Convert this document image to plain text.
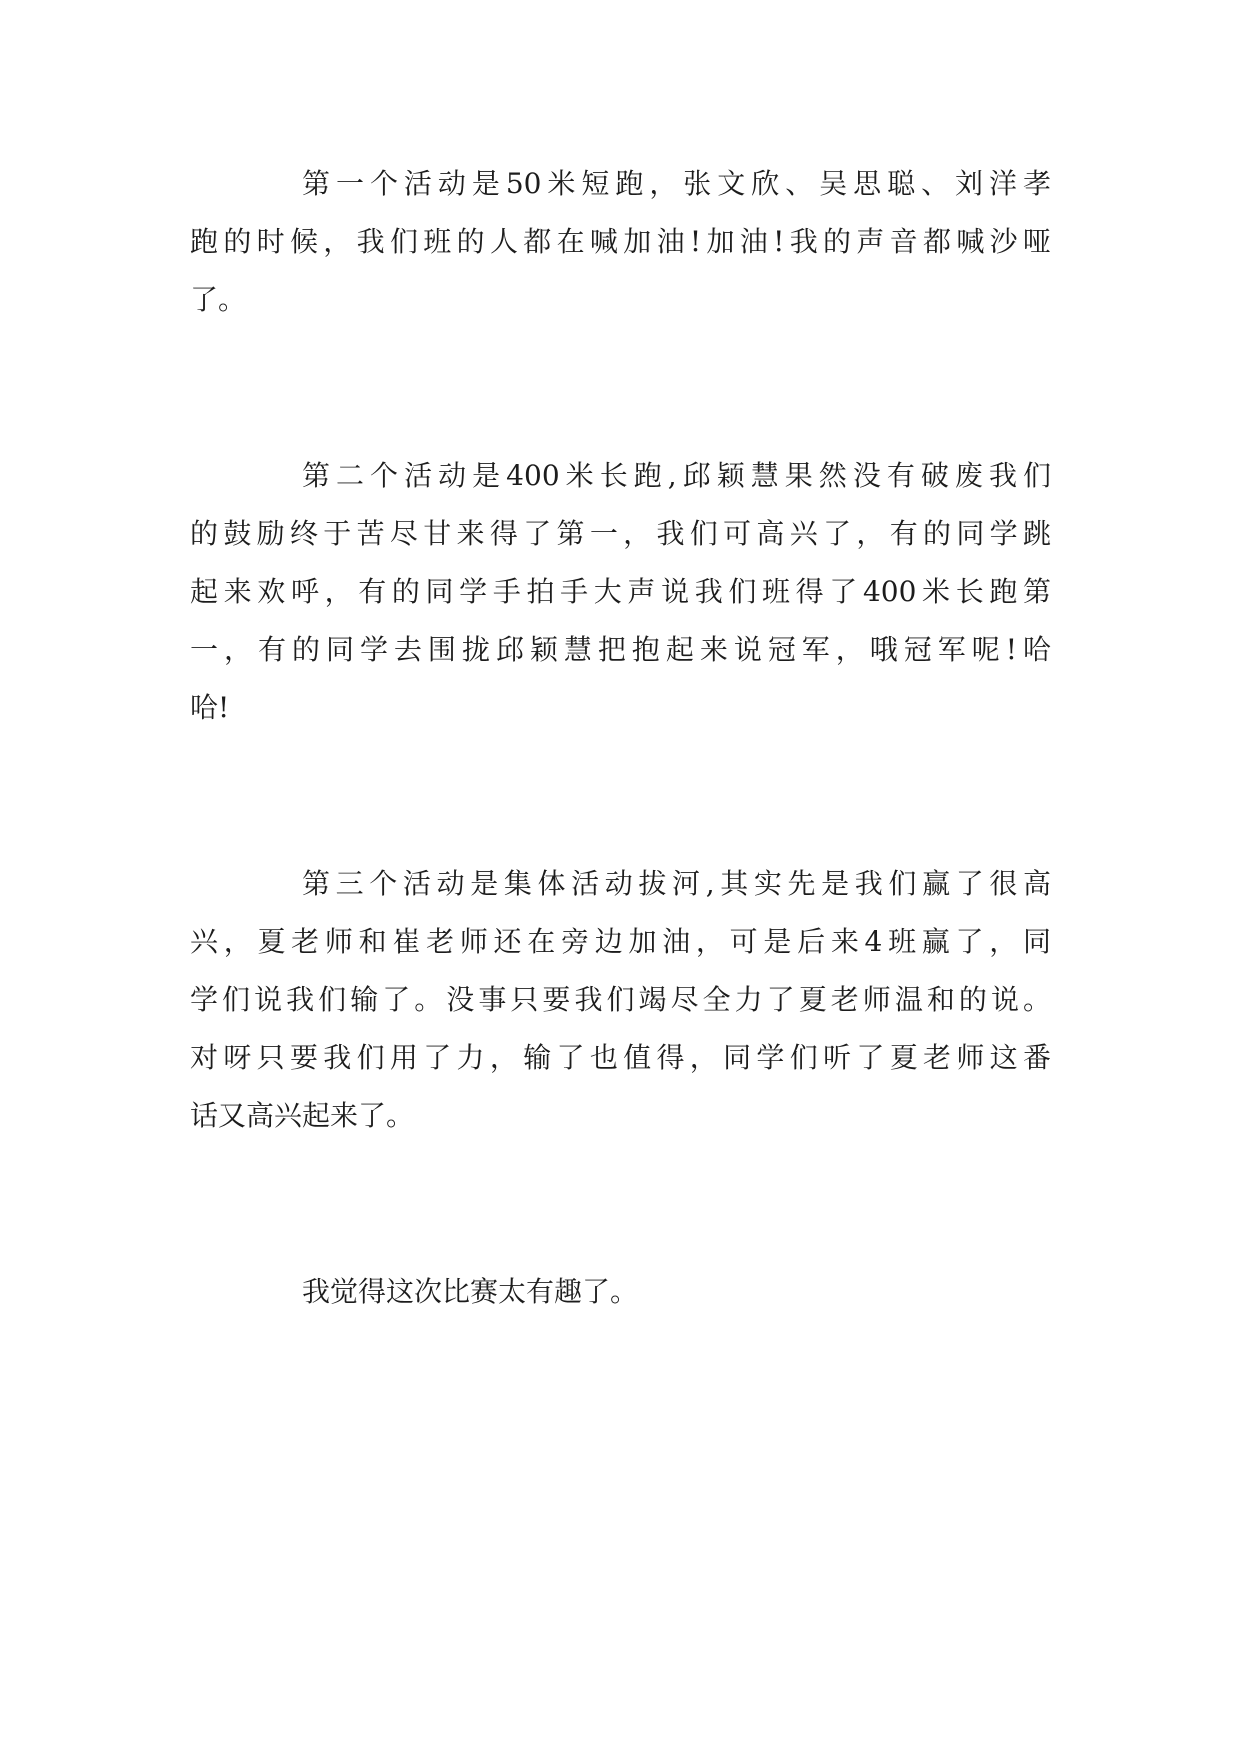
第一个活动是50米短跑，张文欣、吴思聪、刘洋孝
跑的时候，我们班的人都在喊加油!加油!我的声音都喊沙哑
了。
第二个活动是400米长跑,邱颖慧果然没有破废我们
的鼓励终于苦尽甘来得了第一，我们可高兴了，有的同学跳
起来欢呼，有的同学手拍手大声说我们班得了400米长跑第
一，有的同学去围拢邱颖慧把抱起来说冠军，哦冠军呢!哈
哈!
第三个活动是集体活动拔河,其实先是我们赢了很高
兴，夏老师和崔老师还在旁边加油，可是后来4班赢了，同
学们说我们输了。没事只要我们竭尽全力了夏老师温和的说。
对呀只要我们用了力，输了也值得，同学们听了夏老师这番
话又高兴起来了。
我觉得这次比赛太有趣了。
